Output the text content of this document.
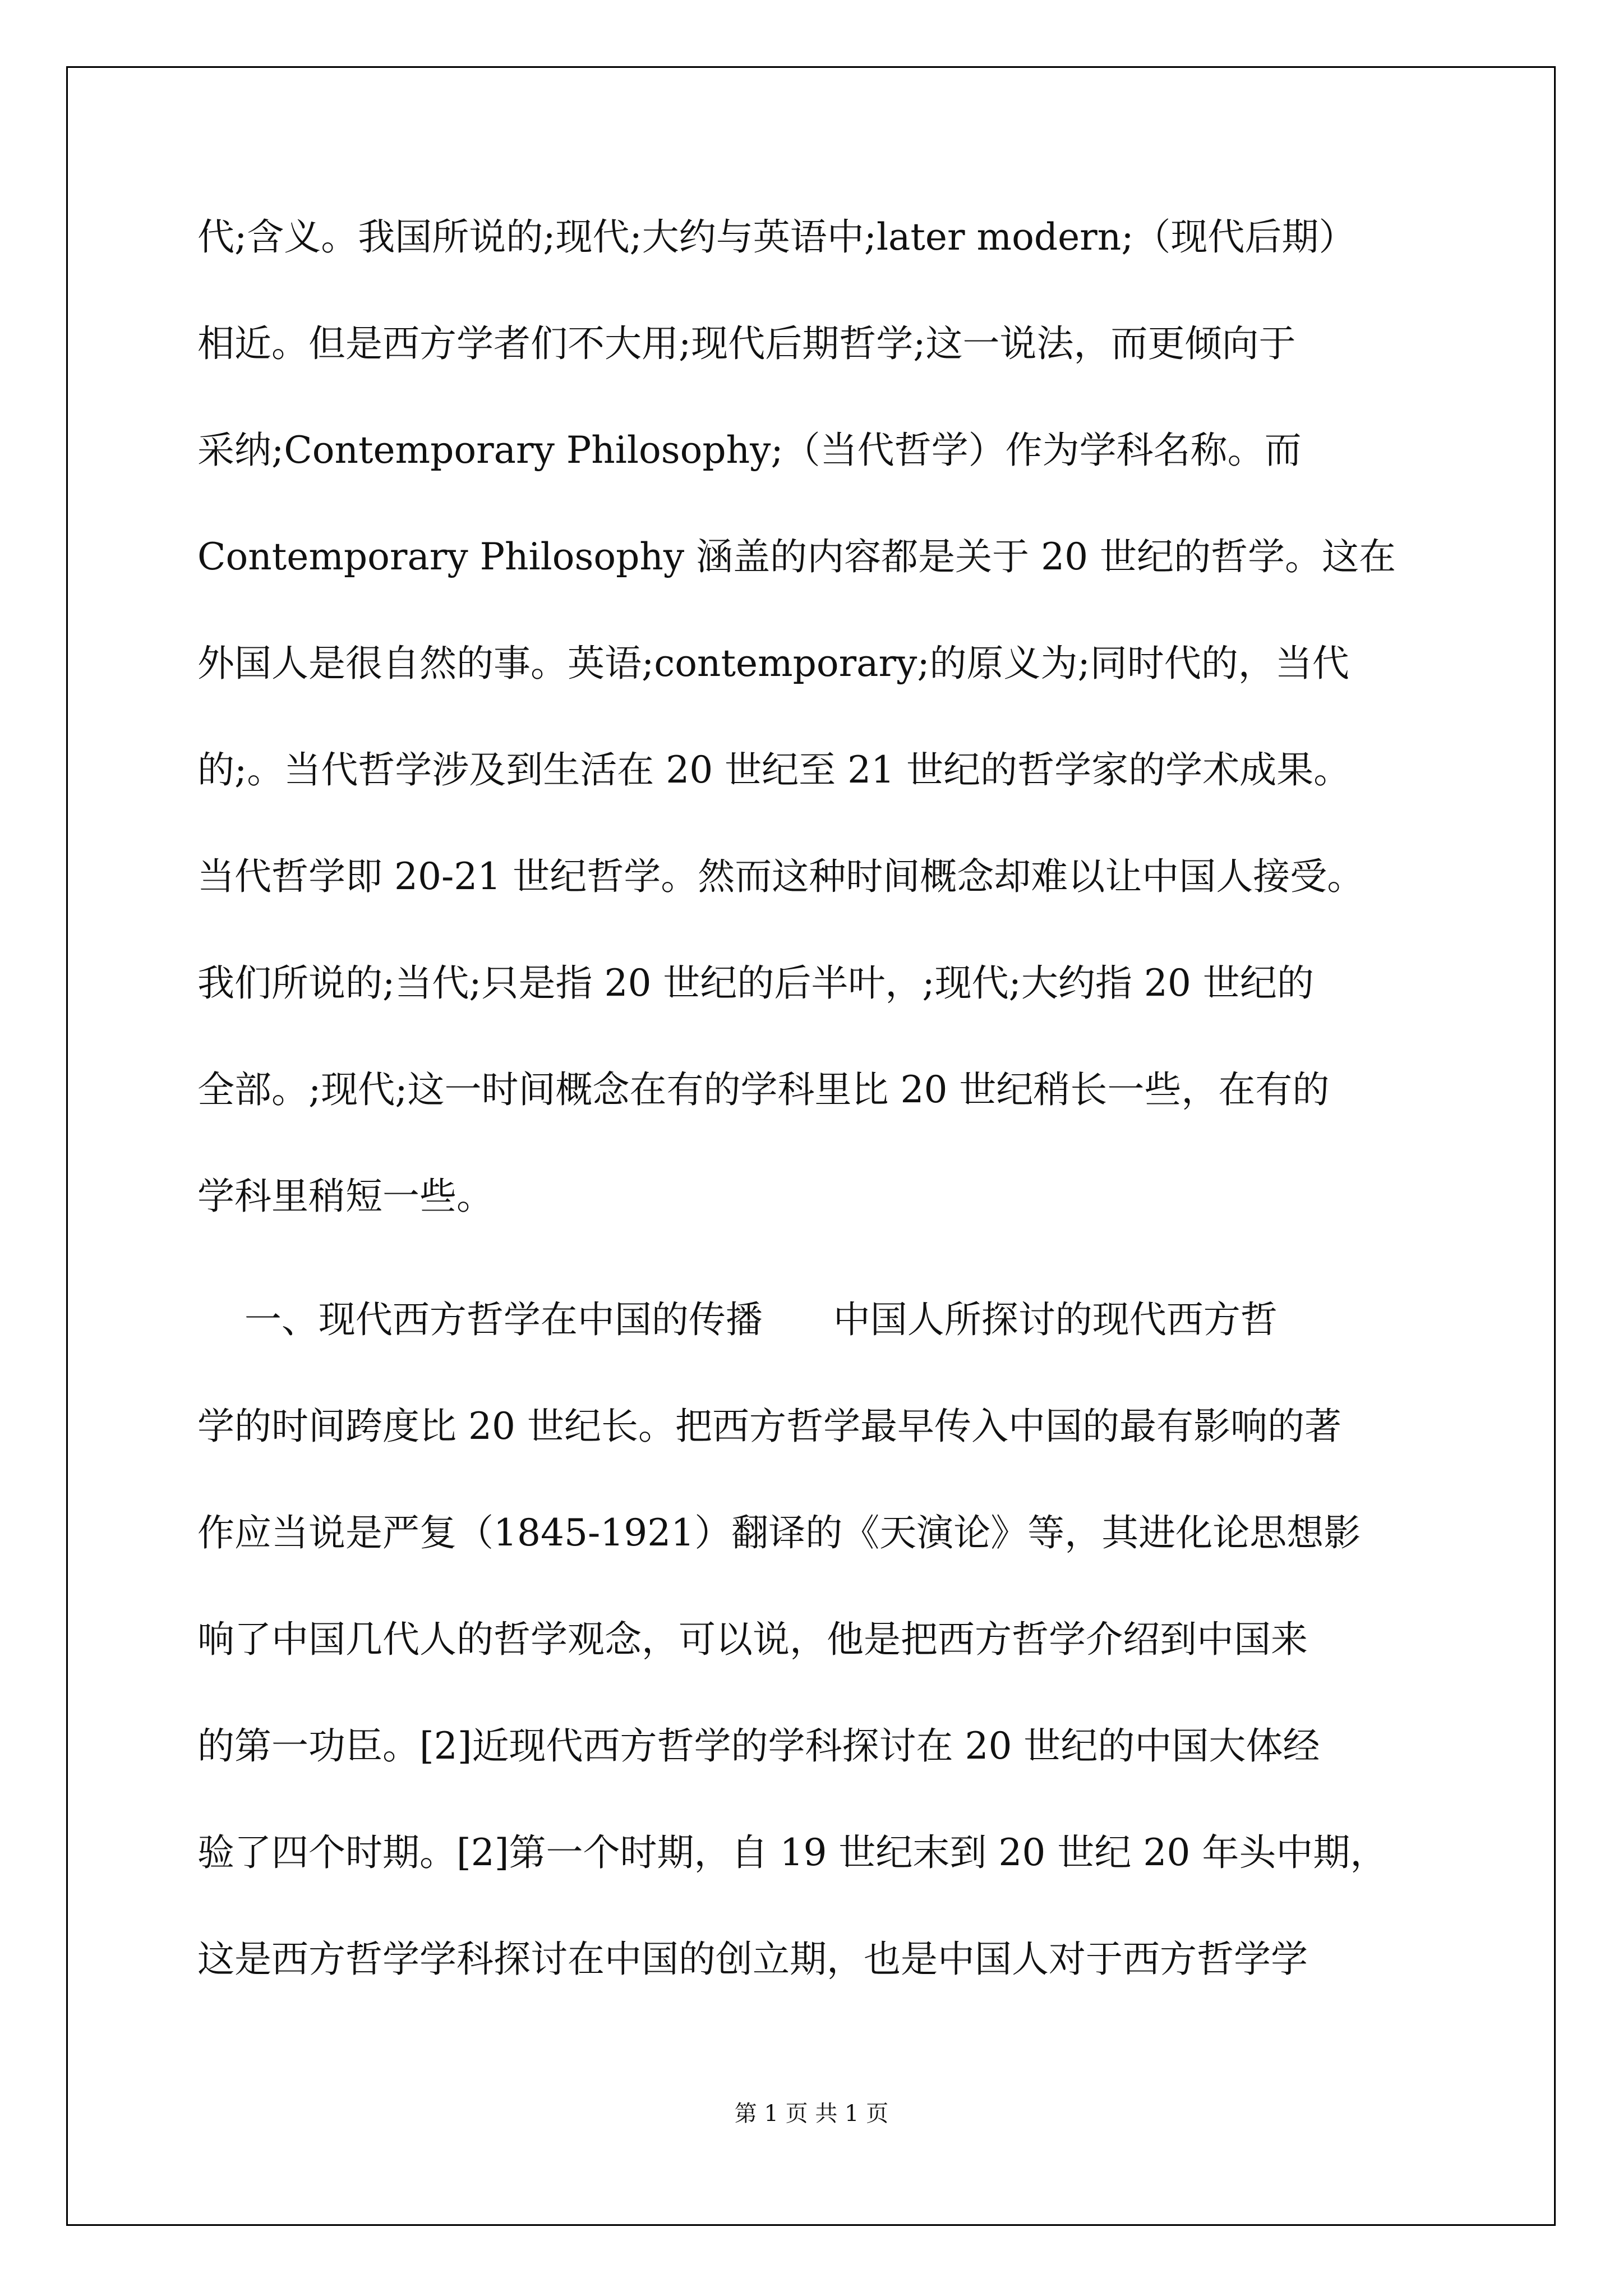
代;含义。我国所说的;现代;大约与英语中;later modern;（现代后期）
相近。但是西方学者们不大用;现代后期哲学;这一说法，而更倾向于
采纳;Contemporary Philosophy;（当代哲学）作为学科名称。而
Contemporary Philosophy 涵盖的内容都是关于 20 世纪的哲学。这在
外国人是很自然的事。英语;contemporary;的原义为;同时代的，当代
的;。当代哲学涉及到生活在 20 世纪至 21 世纪的哲学家的学术成果。
当代哲学即 20-21 世纪哲学。然而这种时间概念却难以让中国人接受。
我们所说的;当代;只是指 20 世纪的后半叶，;现代;大约指 20 世纪的
全部。;现代;这一时间概念在有的学科里比 20 世纪稍长一些，在有的
学科里稍短一些。
一、现代西方哲学在中国的传播      中国人所探讨的现代西方哲
学的时间跨度比 20 世纪长。把西方哲学最早传入中国的最有影响的著
作应当说是严复（1845-1921）翻译的《天演论》等，其进化论思想影
响了中国几代人的哲学观念，可以说，他是把西方哲学介绍到中国来
的第一功臣。[2]近现代西方哲学的学科探讨在 20 世纪的中国大体经
验了四个时期。[2]第一个时期，自 19 世纪末到 20 世纪 20 年头中期，
这是西方哲学学科探讨在中国的创立期，也是中国人对于西方哲学学
第 1 页 共 1 页
